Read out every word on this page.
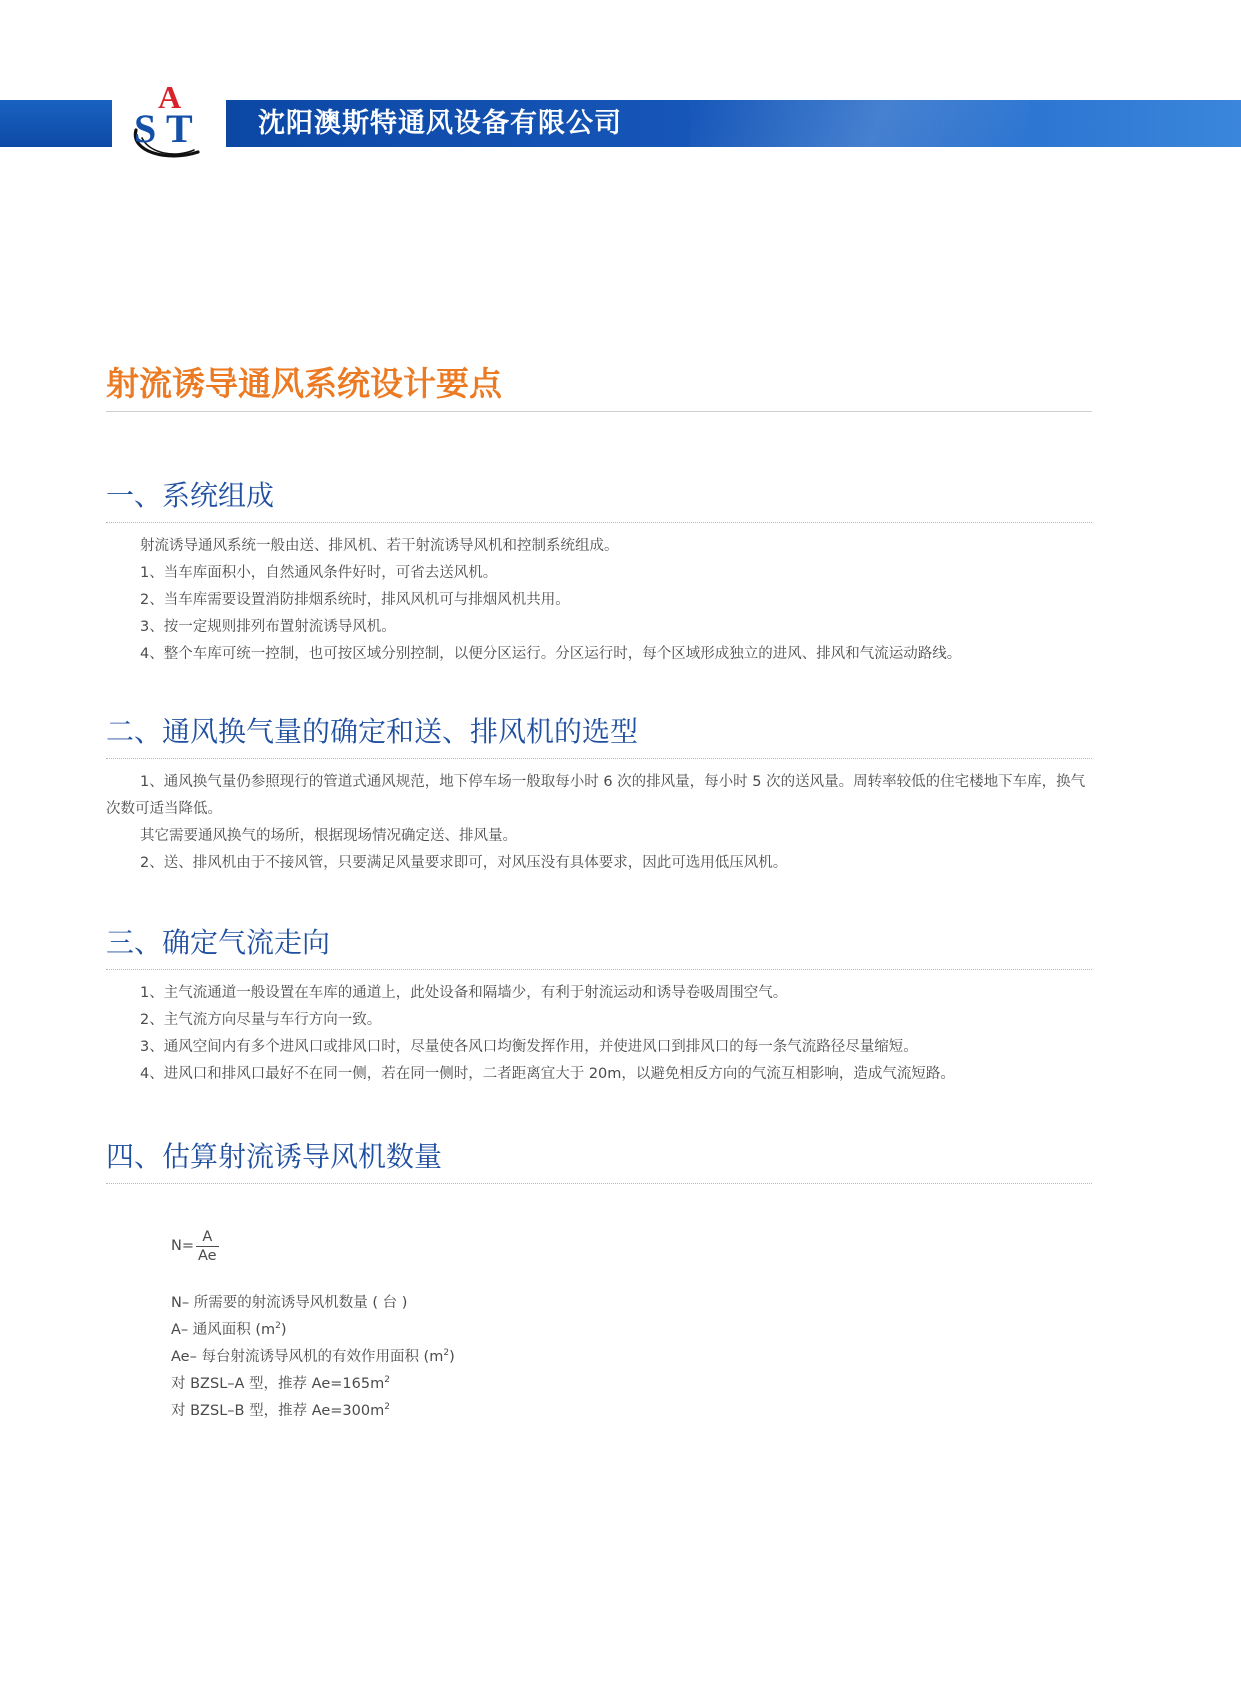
沈阳澳斯特通风设备有限公司
A
S T
射流诱导通风系统设计要点
一、系统组成

射流诱导通风系统一般由送、排风机、若干射流诱导风机和控制系统组成。

1、当车库面积小，自然通风条件好时，可省去送风机。

2、当车库需要设置消防排烟系统时，排风风机可与排烟风机共用。

3、按一定规则排列布置射流诱导风机。

4、整个车库可统一控制，也可按区域分别控制，以便分区运行。分区运行时，每个区域形成独立的进风、排风和气流运动路线。

二、通风换气量的确定和送、排风机的选型

1、通风换气量仍参照现行的管道式通风规范，地下停车场一般取每小时 6 次的排风量，每小时 5 次的送风量。周转率较低的住宅楼地下车库，换气次数可适当降低。

其它需要通风换气的场所，根据现场情况确定送、排风量。

2、送、排风机由于不接风管，只要满足风量要求即可，对风压没有具体要求，因此可选用低压风机。

三、确定气流走向

1、主气流通道一般设置在车库的通道上，此处设备和隔墙少，有利于射流运动和诱导卷吸周围空气。

2、主气流方向尽量与车行方向一致。

3、通风空间内有多个进风口或排风口时，尽量使各风口均衡发挥作用，并使进风口到排风口的每一条气流路径尽量缩短。

4、进风口和排风口最好不在同一侧，若在同一侧时，二者距离宜大于 20m，以避免相反方向的气流互相影响，造成气流短路。

四、估算射流诱导风机数量
$N= \frac{A}{Ae}$

N– 所需要的射流诱导风机数量 ( 台 )

A– 通风面积 $(m^2)$

Ae– 每台射流诱导风机的有效作用面积 $(m^2)$

对 BZSL–A 型，推荐 $Ae=165m^2$

对 BZSL–B 型，推荐 $Ae=300m^2$
